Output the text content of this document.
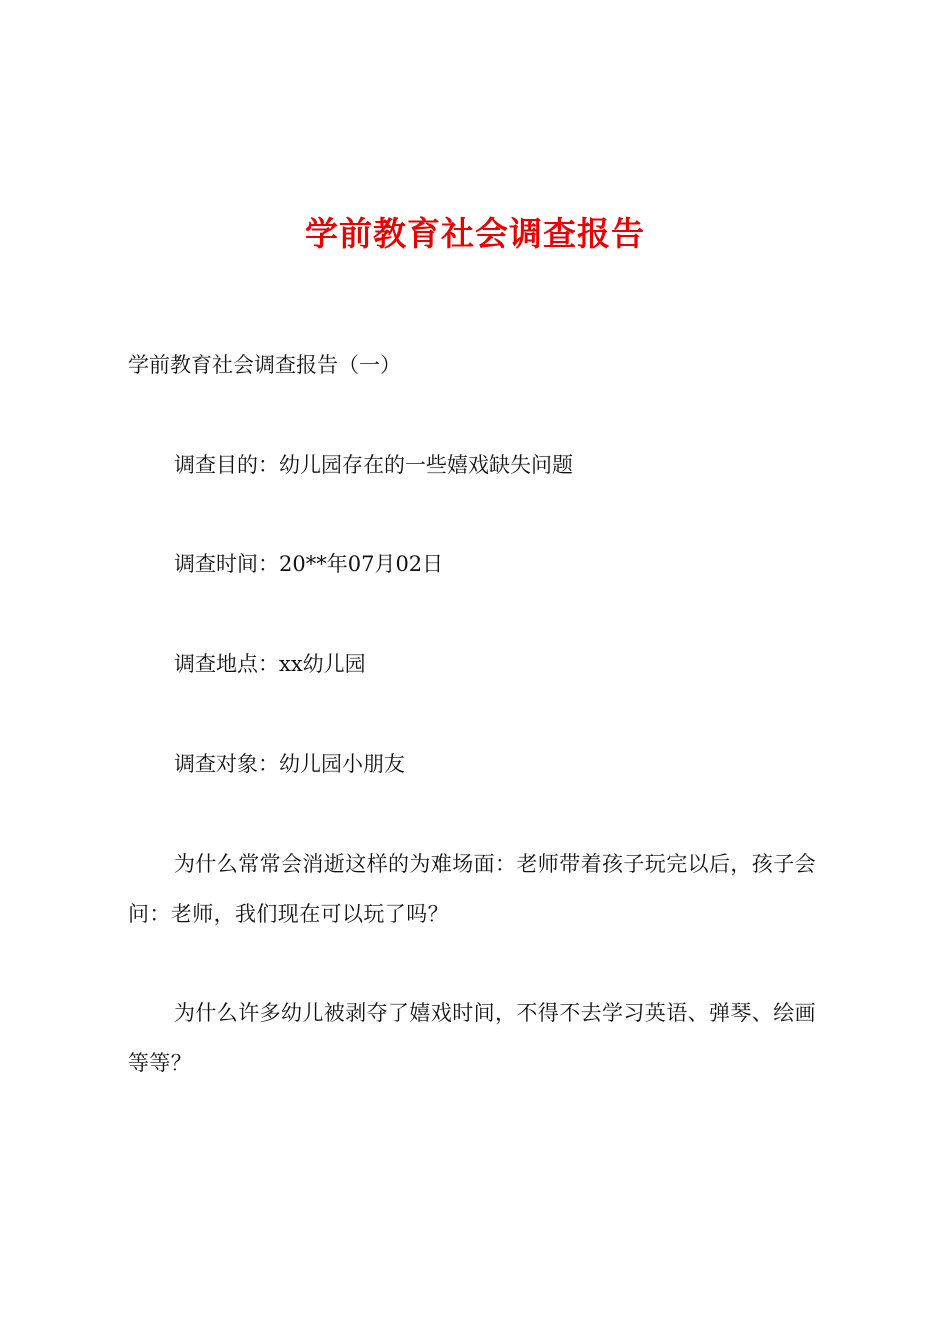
学前教育社会调查报告

学前教育社会调查报告（一）

调查目的：幼儿园存在的一些嬉戏缺失问题

调查时间：20**年07月02日

调查地点：xx幼儿园

调查对象：幼儿园小朋友

为什么常常会消逝这样的为难场面：老师带着孩子玩完以后，孩子会问：老师，我们现在可以玩了吗？

为什么许多幼儿被剥夺了嬉戏时间，不得不去学习英语、弹琴、绘画等等？
